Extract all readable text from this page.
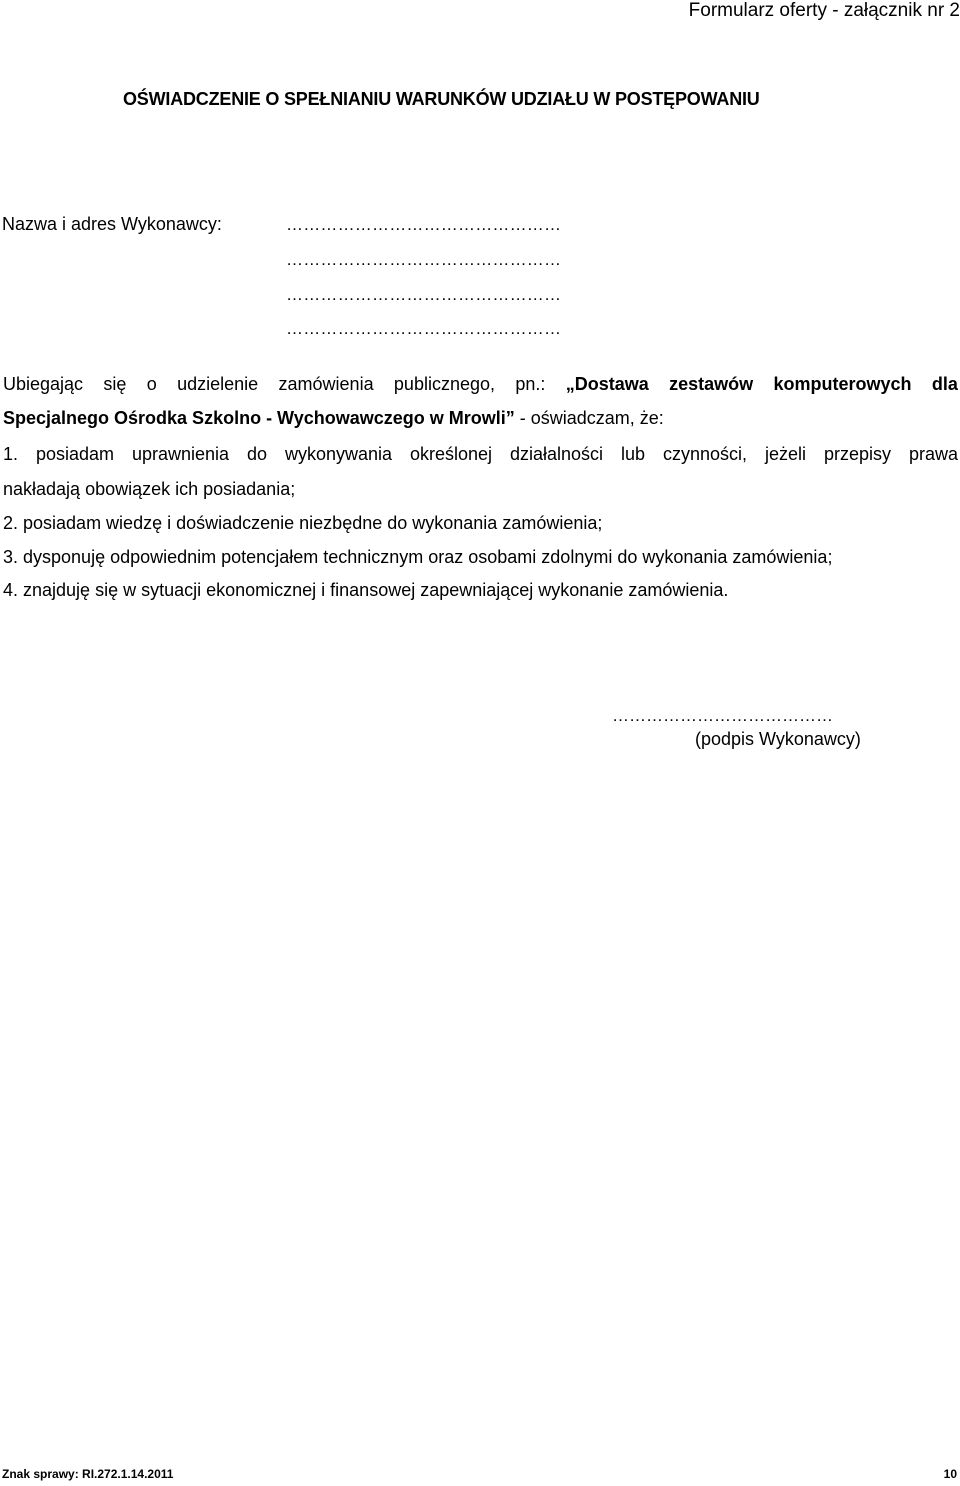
Formularz oferty - załącznik nr 2
OŚWIADCZENIE O SPEŁNIANIU WARUNKÓW UDZIAŁU W POSTĘPOWANIU
Nazwa i adres Wykonawcy:	…………………………………………
…………………………………………
…………………………………………
…………………………………………
Ubiegając się o udzielenie zamówienia publicznego, pn.: „Dostawa zestawów komputerowych dla
Specjalnego Ośrodka Szkolno - Wychowawczego w Mrowli” - oświadczam, że:
1. posiadam uprawnienia do wykonywania określonej działalności lub czynności, jeżeli przepisy prawa
nakładają obowiązek ich posiadania;
2. posiadam wiedzę i doświadczenie niezbędne do wykonania zamówienia;
3. dysponuję odpowiednim potencjałem technicznym oraz osobami zdolnymi do wykonania zamówienia;
4. znajduję się w sytuacji ekonomicznej i finansowej zapewniającej wykonanie zamówienia.
…………………………………
(podpis Wykonawcy)
Znak sprawy: RI.272.1.14.2011	10
